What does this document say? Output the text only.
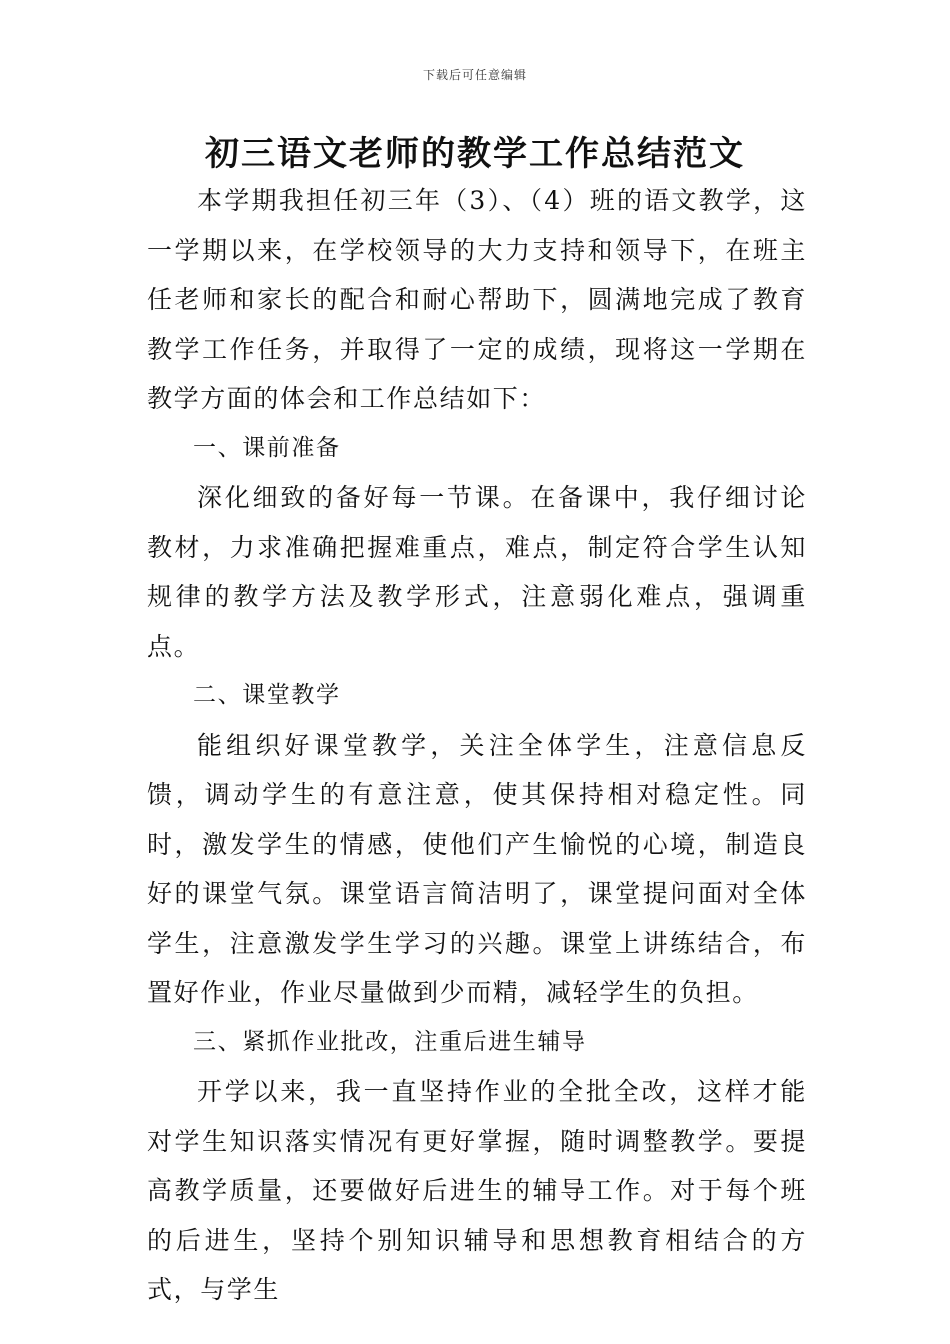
下载后可任意编辑
初三语文老师的教学工作总结范文

本学期我担任初三年（3）、（4）班的语文教学，这一学期以来，在学校领导的大力支持和领导下，在班主任老师和家长的配合和耐心帮助下，圆满地完成了教育教学工作任务，并取得了一定的成绩，现将这一学期在教学方面的体会和工作总结如下：

一、课前准备

深化细致的备好每一节课。在备课中，我仔细讨论教材，力求准确把握难重点，难点，制定符合学生认知规律的教学方法及教学形式，注意弱化难点，强调重点。

二、课堂教学

能组织好课堂教学，关注全体学生，注意信息反馈，调动学生的有意注意，使其保持相对稳定性。同时，激发学生的情感，使他们产生愉悦的心境，制造良好的课堂气氛。课堂语言简洁明了，课堂提问面对全体学生，注意激发学生学习的兴趣。课堂上讲练结合，布置好作业，作业尽量做到少而精，减轻学生的负担。

三、紧抓作业批改，注重后进生辅导

开学以来，我一直坚持作业的全批全改，这样才能对学生知识落实情况有更好掌握，随时调整教学。要提高教学质量，还要做好后进生的辅导工作。对于每个班的后进生，坚持个别知识辅导和思想教育相结合的方式，与学生
